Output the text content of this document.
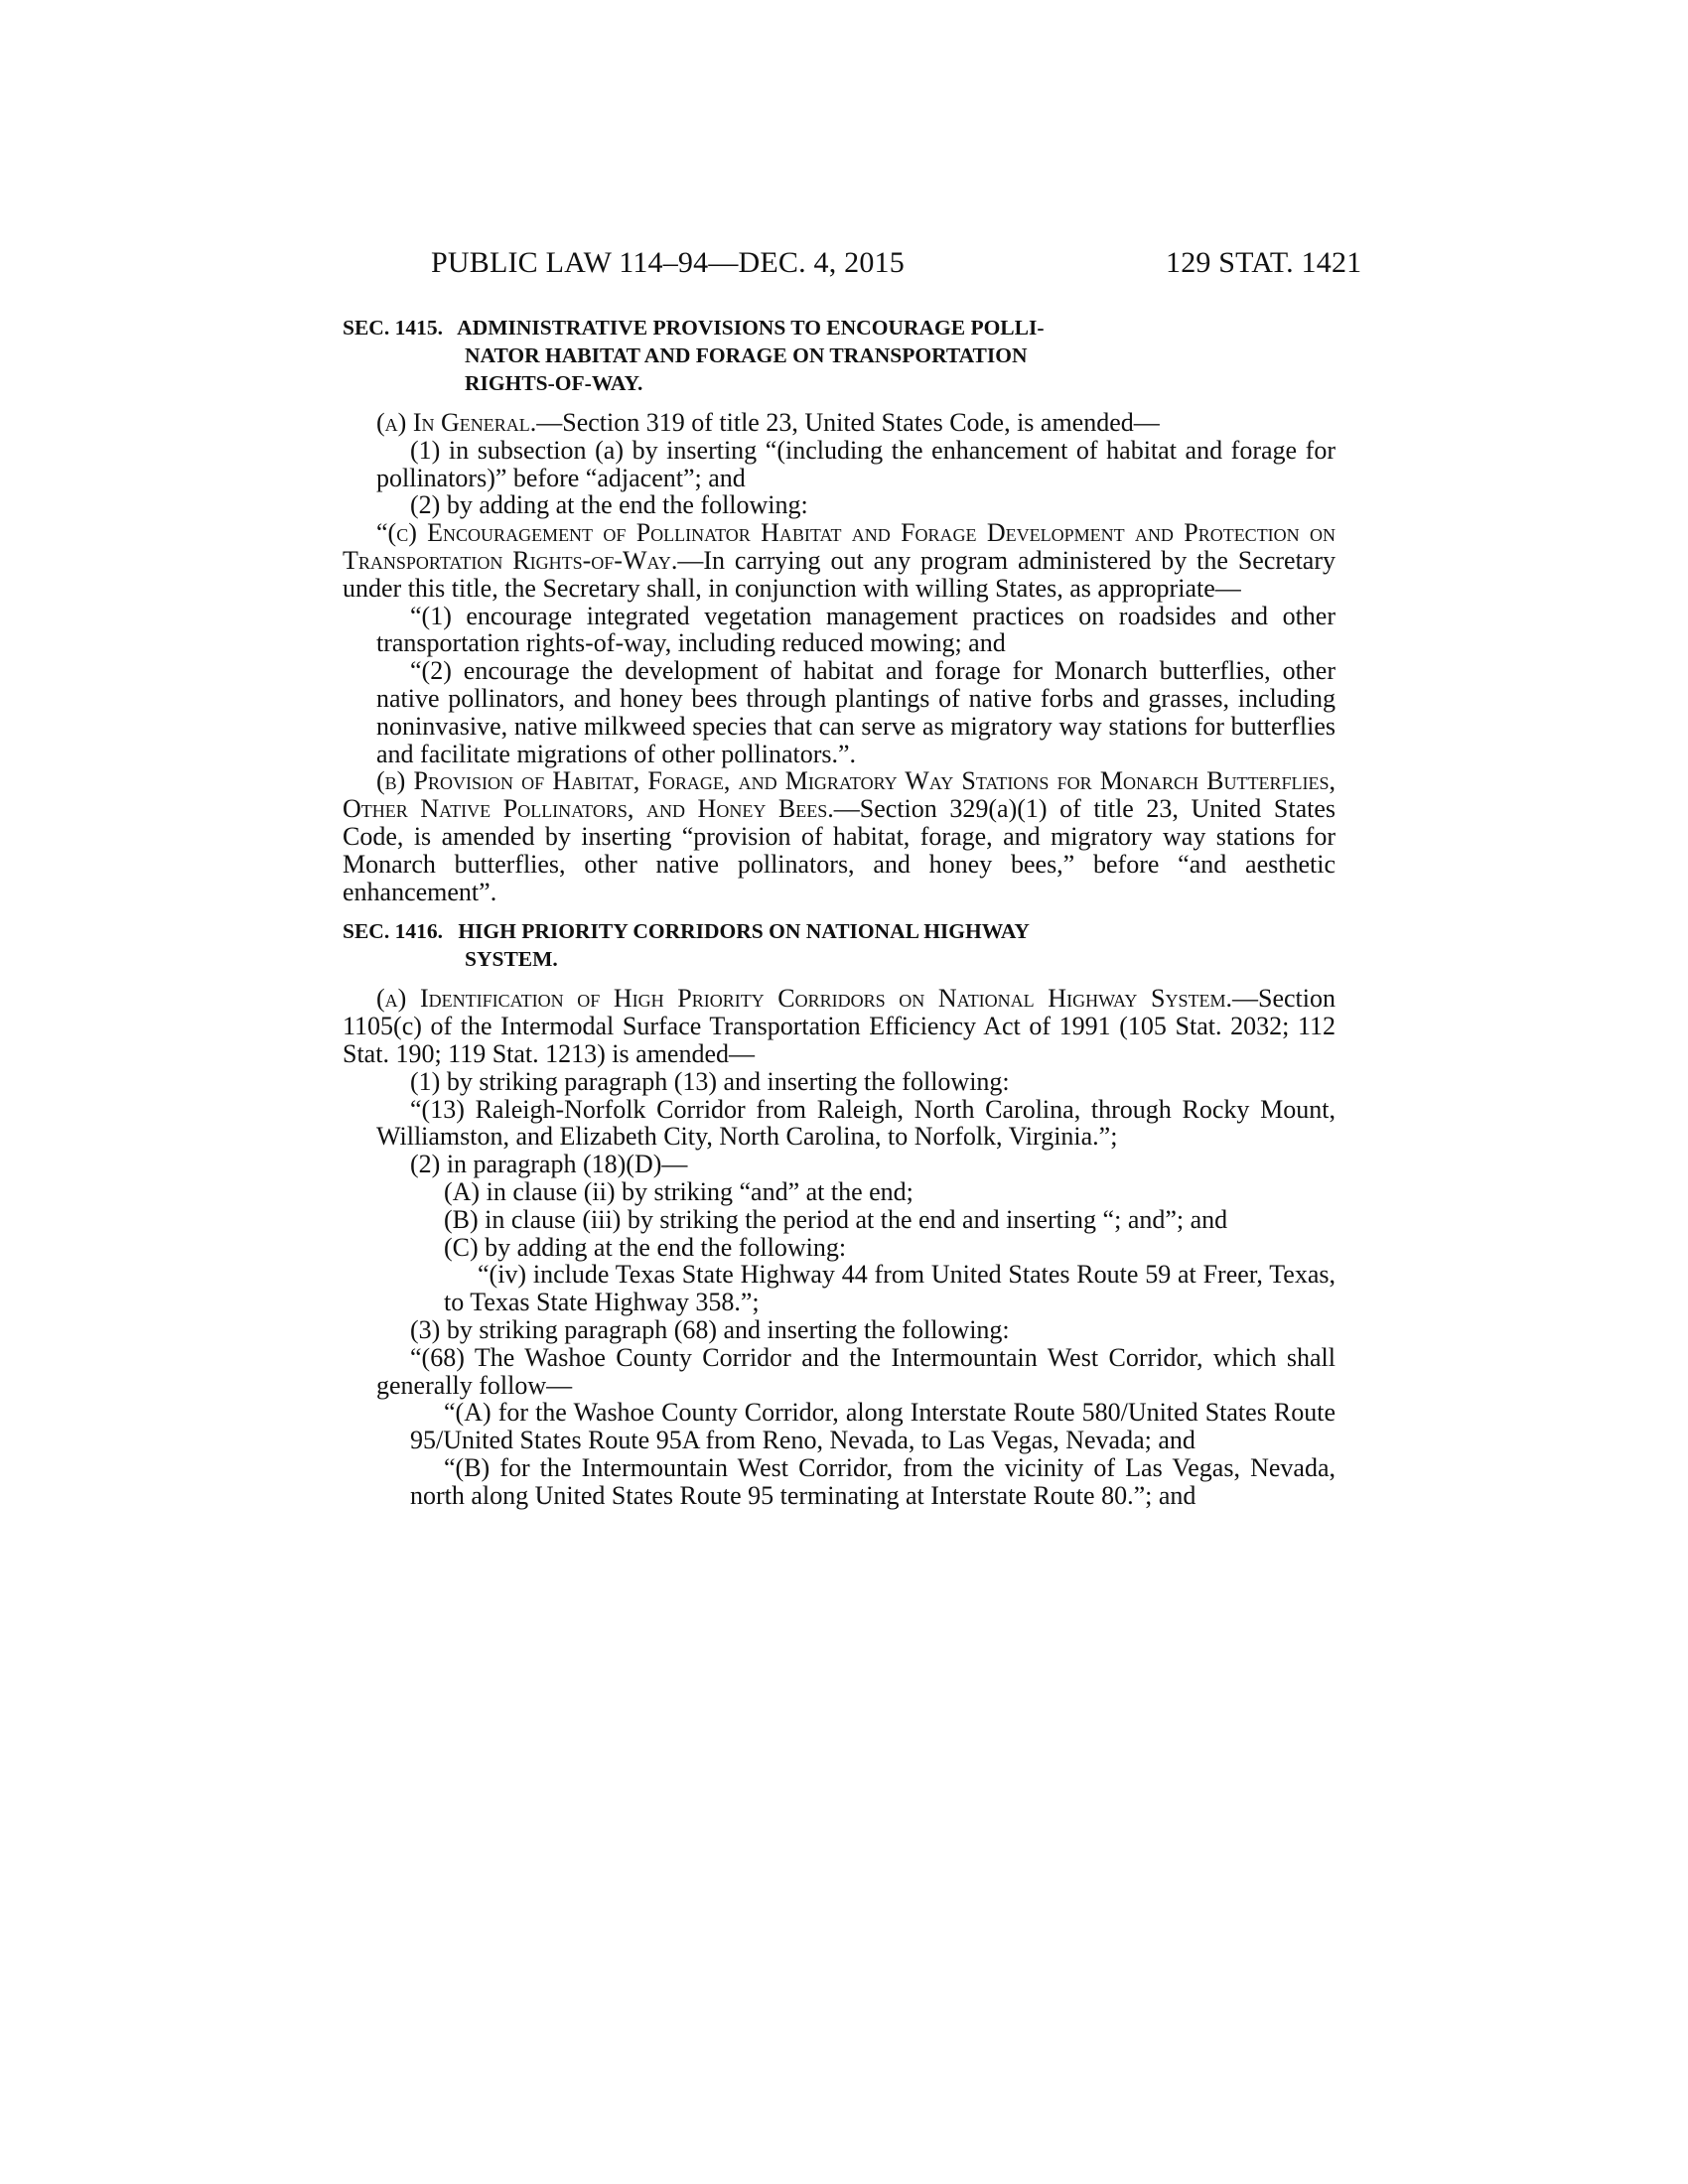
PUBLIC LAW 114–94—DEC. 4, 2015	129 STAT. 1421
SEC. 1415. ADMINISTRATIVE PROVISIONS TO ENCOURAGE POLLI-
NATOR HABITAT AND FORAGE ON TRANSPORTATION
RIGHTS-OF-WAY.

(a) In General.—Section 319 of title 23, United States Code, is amended—

(1) in subsection (a) by inserting “(including the enhancement of habitat and forage for pollinators)” before “adjacent”; and

(2) by adding at the end the following:

“(c) Encouragement of Pollinator Habitat and Forage Development and Protection on Transportation Rights-of-Way.—In carrying out any program administered by the Secretary under this title, the Secretary shall, in conjunction with willing States, as appropriate—

“(1) encourage integrated vegetation management practices on roadsides and other transportation rights-of-way, including reduced mowing; and

“(2) encourage the development of habitat and forage for Monarch butterflies, other native pollinators, and honey bees through plantings of native forbs and grasses, including noninvasive, native milkweed species that can serve as migratory way stations for butterflies and facilitate migrations of other pollinators.”.

(b) Provision of Habitat, Forage, and Migratory Way Stations for Monarch Butterflies, Other Native Pollinators, and Honey Bees.—Section 329(a)(1) of title 23, United States Code, is amended by inserting “provision of habitat, forage, and migratory way stations for Monarch butterflies, other native pollinators, and honey bees,” before “and aesthetic enhancement”.

SEC. 1416. HIGH PRIORITY CORRIDORS ON NATIONAL HIGHWAY
SYSTEM.

(a) Identification of High Priority Corridors on National Highway System.—Section 1105(c) of the Intermodal Surface Transportation Efficiency Act of 1991 (105 Stat. 2032; 112 Stat. 190; 119 Stat. 1213) is amended—

(1) by striking paragraph (13) and inserting the following:

“(13) Raleigh-Norfolk Corridor from Raleigh, North Carolina, through Rocky Mount, Williamston, and Elizabeth City, North Carolina, to Norfolk, Virginia.”;

(2) in paragraph (18)(D)—

(A) in clause (ii) by striking “and” at the end;

(B) in clause (iii) by striking the period at the end and inserting “; and”; and

(C) by adding at the end the following:

“(iv) include Texas State Highway 44 from United States Route 59 at Freer, Texas, to Texas State Highway 358.”;

(3) by striking paragraph (68) and inserting the following:

“(68) The Washoe County Corridor and the Intermountain West Corridor, which shall generally follow—

“(A) for the Washoe County Corridor, along Interstate Route 580/United States Route 95/United States Route 95A from Reno, Nevada, to Las Vegas, Nevada; and

“(B) for the Intermountain West Corridor, from the vicinity of Las Vegas, Nevada, north along United States Route 95 terminating at Interstate Route 80.”; and
